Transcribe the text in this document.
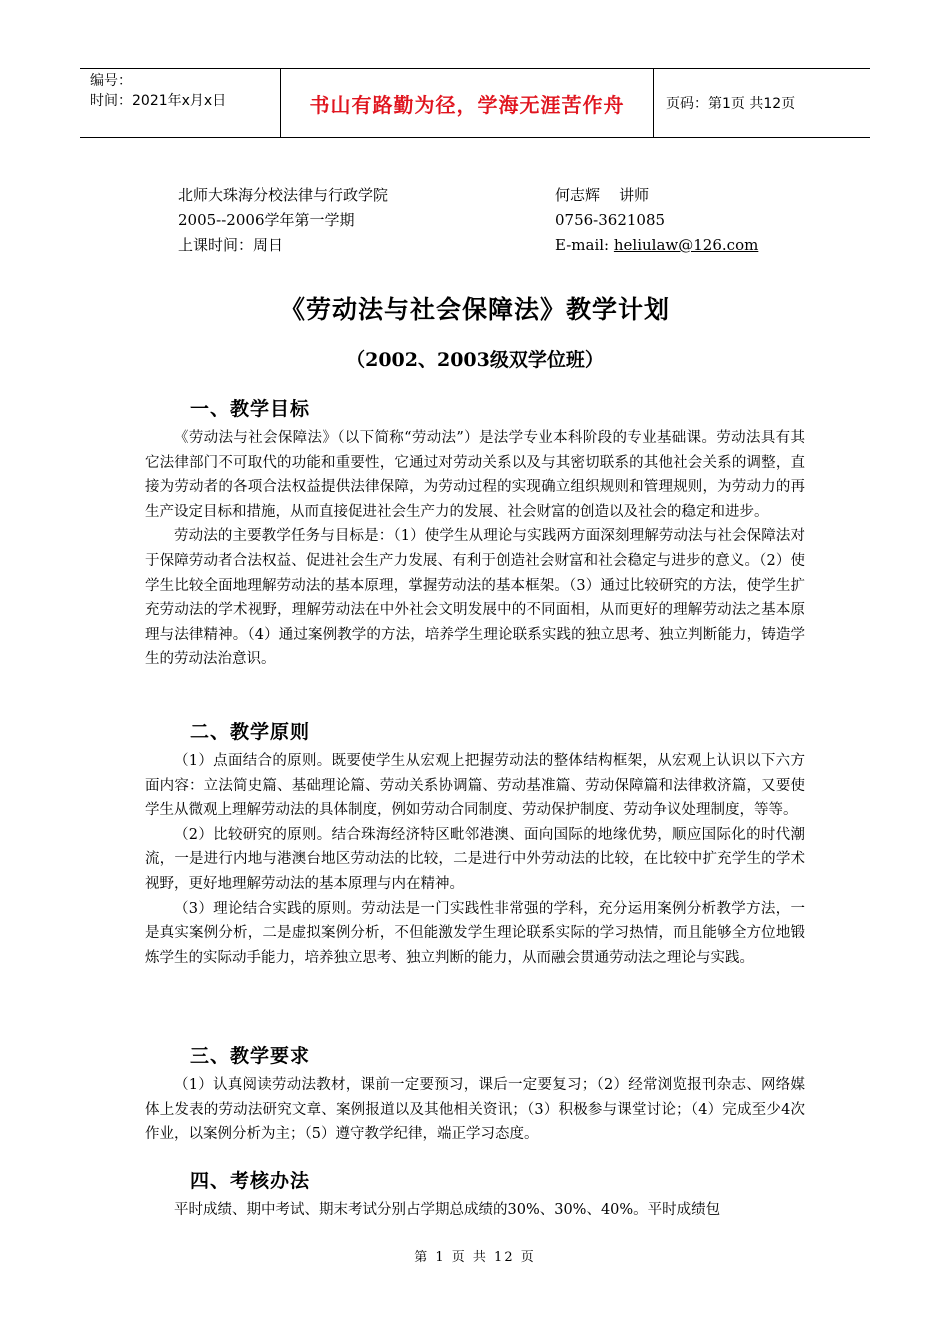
编号：
时间：2021年x月x日	书山有路勤为径，学海无涯苦作舟	页码：第1页 共12页
北师大珠海分校法律与行政学院
2005--2006学年第一学期
上课时间：周日
何志辉    讲师
0756-3621085
E-mail: heliulaw@126.com
《劳动法与社会保障法》教学计划
（2002、2003级双学位班）
一、教学目标

《劳动法与社会保障法》（以下简称“劳动法”）是法学专业本科阶段的专业基础课。劳动法具有其它法律部门不可取代的功能和重要性，它通过对劳动关系以及与其密切联系的其他社会关系的调整，直接为劳动者的各项合法权益提供法律保障，为劳动过程的实现确立组织规则和管理规则，为劳动力的再生产设定目标和措施，从而直接促进社会生产力的发展、社会财富的创造以及社会的稳定和进步。

劳动法的主要教学任务与目标是：（1）使学生从理论与实践两方面深刻理解劳动法与社会保障法对于保障劳动者合法权益、促进社会生产力发展、有利于创造社会财富和社会稳定与进步的意义。（2）使学生比较全面地理解劳动法的基本原理，掌握劳动法的基本框架。（3）通过比较研究的方法，使学生扩充劳动法的学术视野，理解劳动法在中外社会文明发展中的不同面相，从而更好的理解劳动法之基本原理与法律精神。（4）通过案例教学的方法，培养学生理论联系实践的独立思考、独立判断能力，铸造学生的劳动法治意识。

二、教学原则

（1）点面结合的原则。既要使学生从宏观上把握劳动法的整体结构框架，从宏观上认识以下六方面内容：立法简史篇、基础理论篇、劳动关系协调篇、劳动基准篇、劳动保障篇和法律救济篇，又要使学生从微观上理解劳动法的具体制度，例如劳动合同制度、劳动保护制度、劳动争议处理制度，等等。

（2）比较研究的原则。结合珠海经济特区毗邻港澳、面向国际的地缘优势，顺应国际化的时代潮流，一是进行内地与港澳台地区劳动法的比较，二是进行中外劳动法的比较，在比较中扩充学生的学术视野，更好地理解劳动法的基本原理与内在精神。

（3）理论结合实践的原则。劳动法是一门实践性非常强的学科，充分运用案例分析教学方法，一是真实案例分析，二是虚拟案例分析，不但能激发学生理论联系实际的学习热情，而且能够全方位地锻炼学生的实际动手能力，培养独立思考、独立判断的能力，从而融会贯通劳动法之理论与实践。

三、教学要求

（1）认真阅读劳动法教材，课前一定要预习，课后一定要复习；（2）经常浏览报刊杂志、网络媒体上发表的劳动法研究文章、案例报道以及其他相关资讯；（3）积极参与课堂讨论；（4）完成至少4次作业，以案例分析为主；（5）遵守教学纪律，端正学习态度。

四、考核办法

平时成绩、期中考试、期末考试分别占学期总成绩的30%、30%、40%。平时成绩包

第 1 页 共 12 页
